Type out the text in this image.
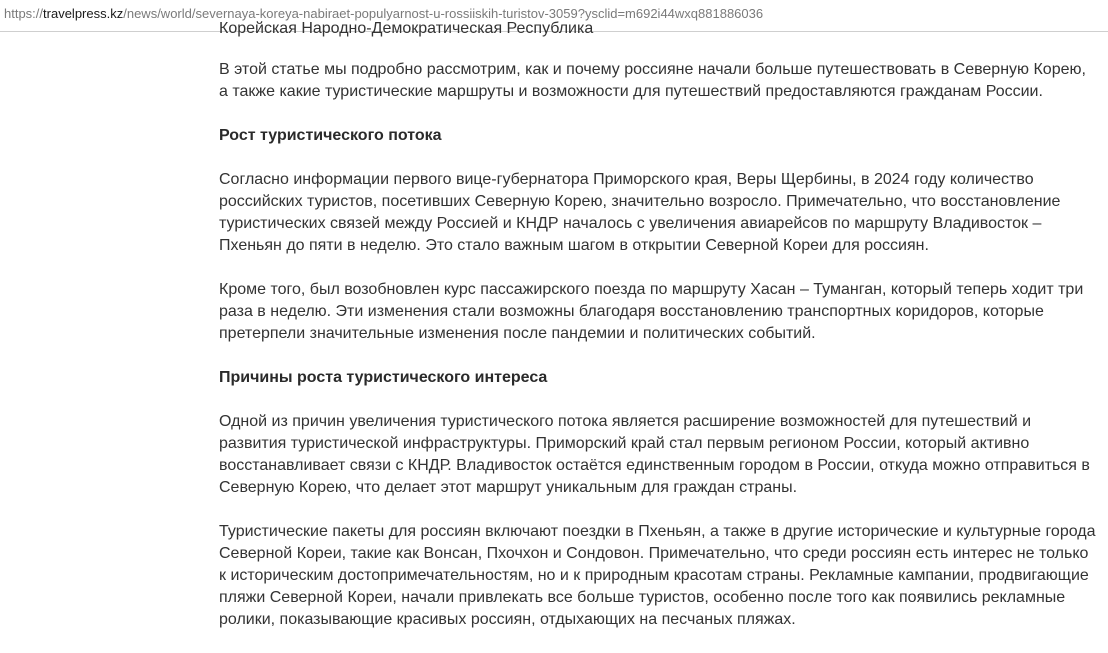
https://travelpress.kz/news/world/severnaya-koreya-nabiraet-populyarnost-u-rossiiskih-turistov-3059?ysclid=m692i44wxq881886036
Корейская Народно-Демократическая Республика

В этой статье мы подробно рассмотрим, как и почему россияне начали больше путешествовать в Северную Корею, а также какие туристические маршруты и возможности для путешествий предоставляются гражданам России.

Рост туристического потока

Согласно информации первого вице-губернатора Приморского края, Веры Щербины, в 2024 году количество российских туристов, посетивших Северную Корею, значительно возросло. Примечательно, что восстановление туристических связей между Россией и КНДР началось с увеличения авиарейсов по маршруту Владивосток – Пхеньян до пяти в неделю. Это стало важным шагом в открытии Северной Кореи для россиян.

Кроме того, был возобновлен курс пассажирского поезда по маршруту Хасан – Туманган, который теперь ходит три раза в неделю. Эти изменения стали возможны благодаря восстановлению транспортных коридоров, которые претерпели значительные изменения после пандемии и политических событий.

Причины роста туристического интереса

Одной из причин увеличения туристического потока является расширение возможностей для путешествий и развития туристической инфраструктуры. Приморский край стал первым регионом России, который активно восстанавливает связи с КНДР. Владивосток остаётся единственным городом в России, откуда можно отправиться в Северную Корею, что делает этот маршрут уникальным для граждан страны.

Туристические пакеты для россиян включают поездки в Пхеньян, а также в другие исторические и культурные города Северной Кореи, такие как Вонсан, Пхочхон и Сондовон. Примечательно, что среди россиян есть интерес не только к историческим достопримечательностям, но и к природным красотам страны. Рекламные кампании, продвигающие пляжи Северной Кореи, начали привлекать все больше туристов, особенно после того как появились рекламные ролики, показывающие красивых россиян, отдыхающих на песчаных пляжах.
